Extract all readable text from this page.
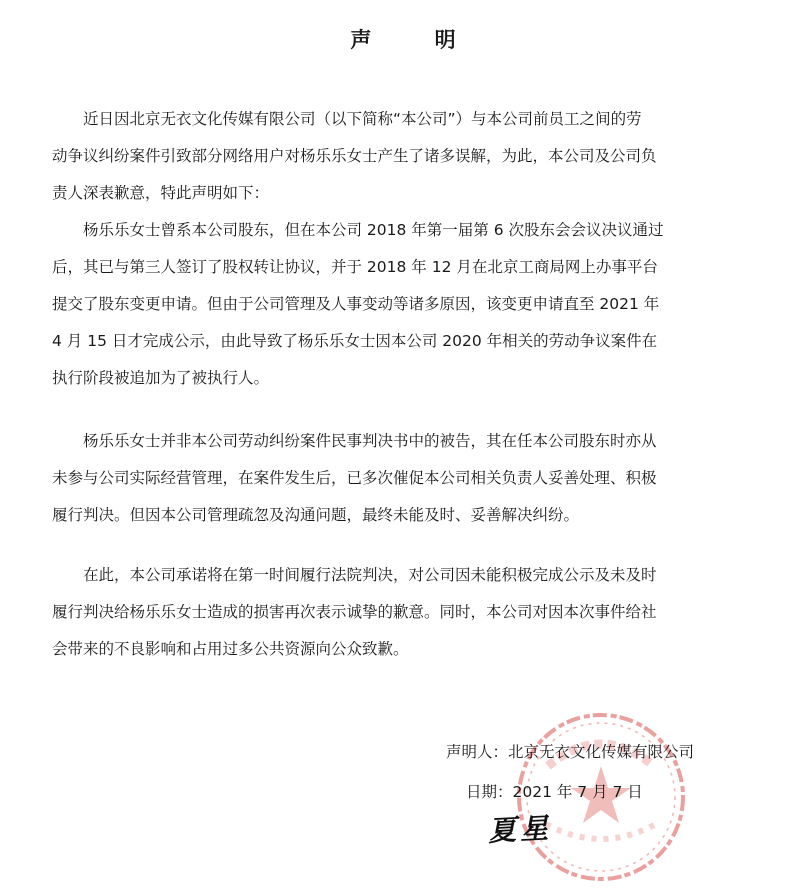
声 明
近日因北京无衣文化传媒有限公司（以下简称“本公司”）与本公司前员工之间的劳
动争议纠纷案件引致部分网络用户对杨乐乐女士产生了诸多误解，为此，本公司及公司负
责人深表歉意，特此声明如下：
杨乐乐女士曾系本公司股东，但在本公司 2018 年第一届第 6 次股东会会议决议通过
后，其已与第三人签订了股权转让协议，并于 2018 年 12 月在北京工商局网上办事平台
提交了股东变更申请。但由于公司管理及人事变动等诸多原因，该变更申请直至 2021 年
4 月 15 日才完成公示，由此导致了杨乐乐女士因本公司 2020 年相关的劳动争议案件在
执行阶段被追加为了被执行人。
杨乐乐女士并非本公司劳动纠纷案件民事判决书中的被告，其在任本公司股东时亦从
未参与公司实际经营管理，在案件发生后，已多次催促本公司相关负责人妥善处理、积极
履行判决。但因本公司管理疏忽及沟通问题，最终未能及时、妥善解决纠纷。
在此，本公司承诺将在第一时间履行法院判决，对公司因未能积极完成公示及未及时
履行判决给杨乐乐女士造成的损害再次表示诚挚的歉意。同时，本公司对因本次事件给社
会带来的不良影响和占用过多公共资源向公众致歉。
声明人：北京无衣文化传媒有限公司
日期：2021 年 7 月 7 日
夏星
